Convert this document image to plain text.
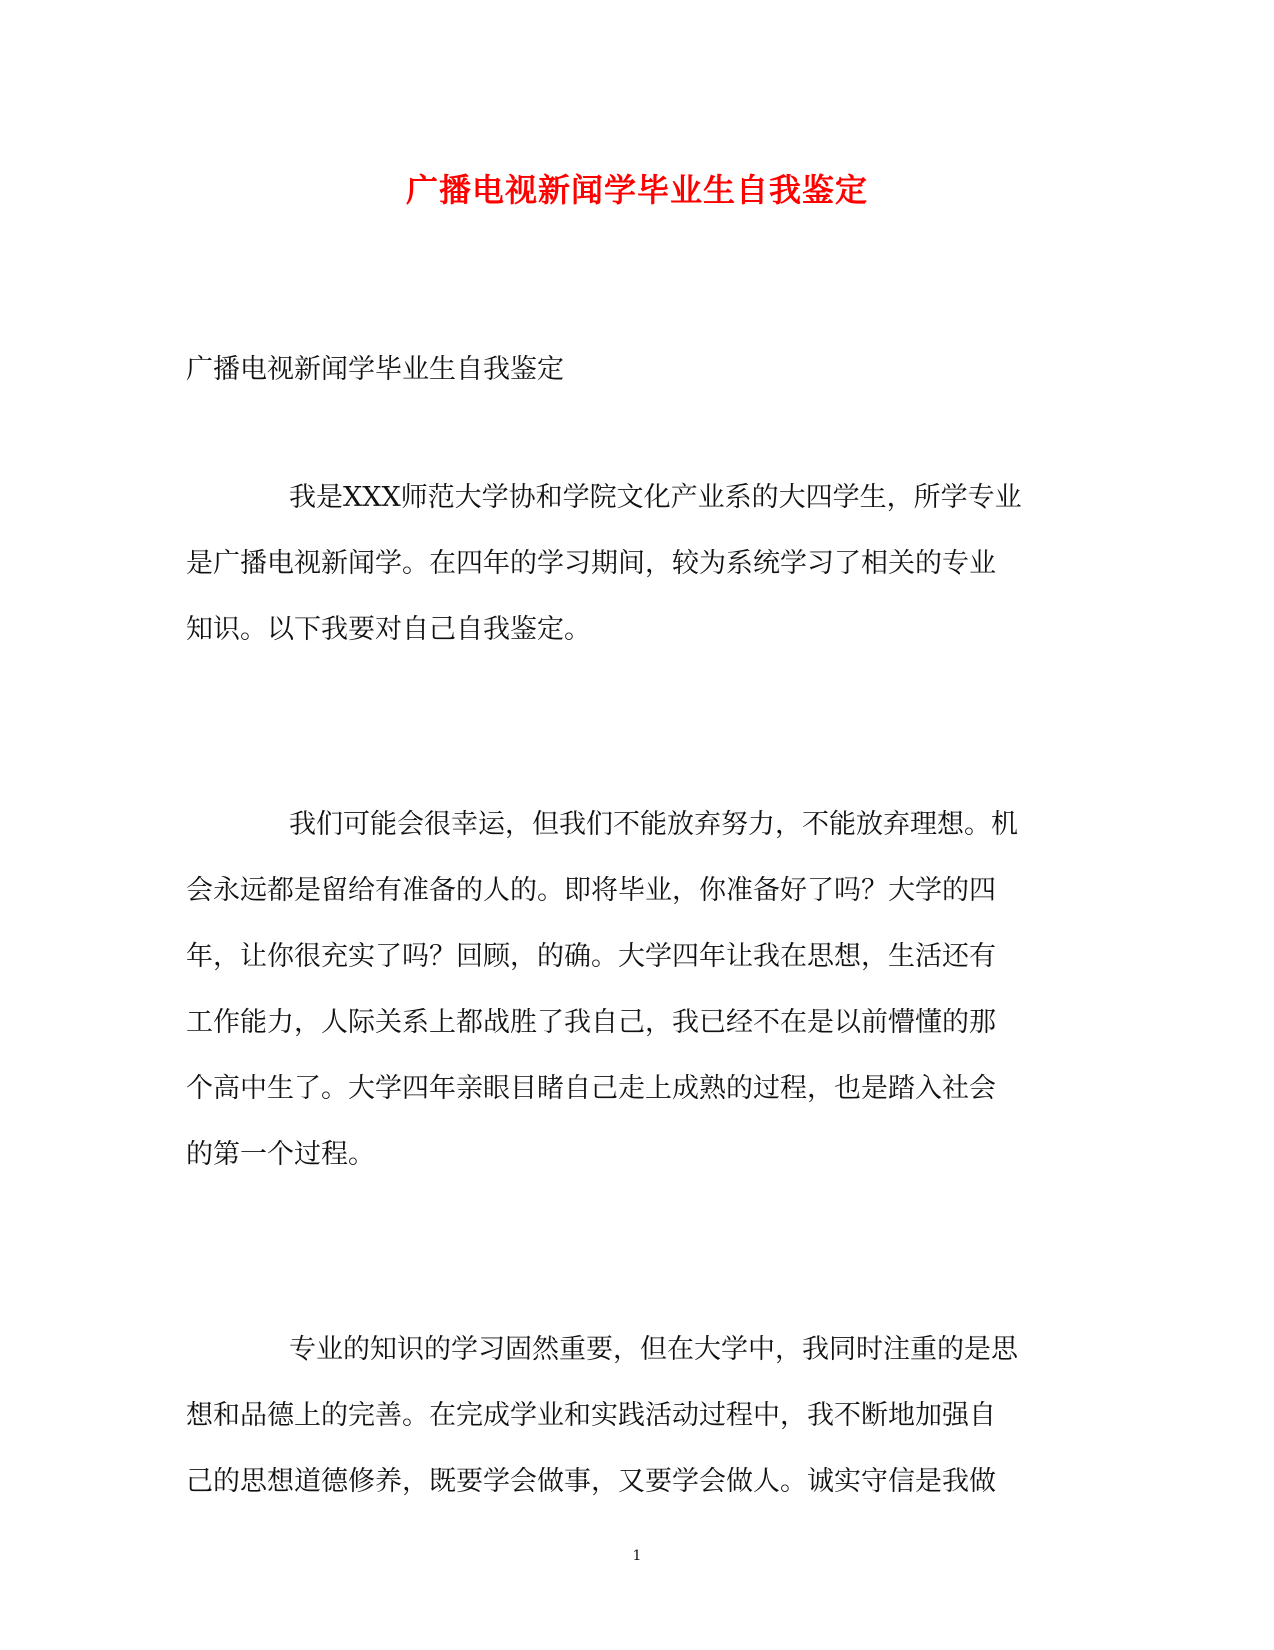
广播电视新闻学毕业生自我鉴定

广播电视新闻学毕业生自我鉴定

我是XXX师范大学协和学院文化产业系的大四学生，所学专业
是广播电视新闻学。在四年的学习期间，较为系统学习了相关的专业
知识。以下我要对自己自我鉴定。
我们可能会很幸运，但我们不能放弃努力，不能放弃理想。机
会永远都是留给有准备的人的。即将毕业，你准备好了吗？大学的四
年，让你很充实了吗？回顾，的确。大学四年让我在思想，生活还有
工作能力，人际关系上都战胜了我自己，我已经不在是以前懵懂的那
个高中生了。大学四年亲眼目睹自己走上成熟的过程，也是踏入社会
的第一个过程。
专业的知识的学习固然重要，但在大学中，我同时注重的是思
想和品德上的完善。在完成学业和实践活动过程中，我不断地加强自
己的思想道德修养，既要学会做事，又要学会做人。诚实守信是我做
1
